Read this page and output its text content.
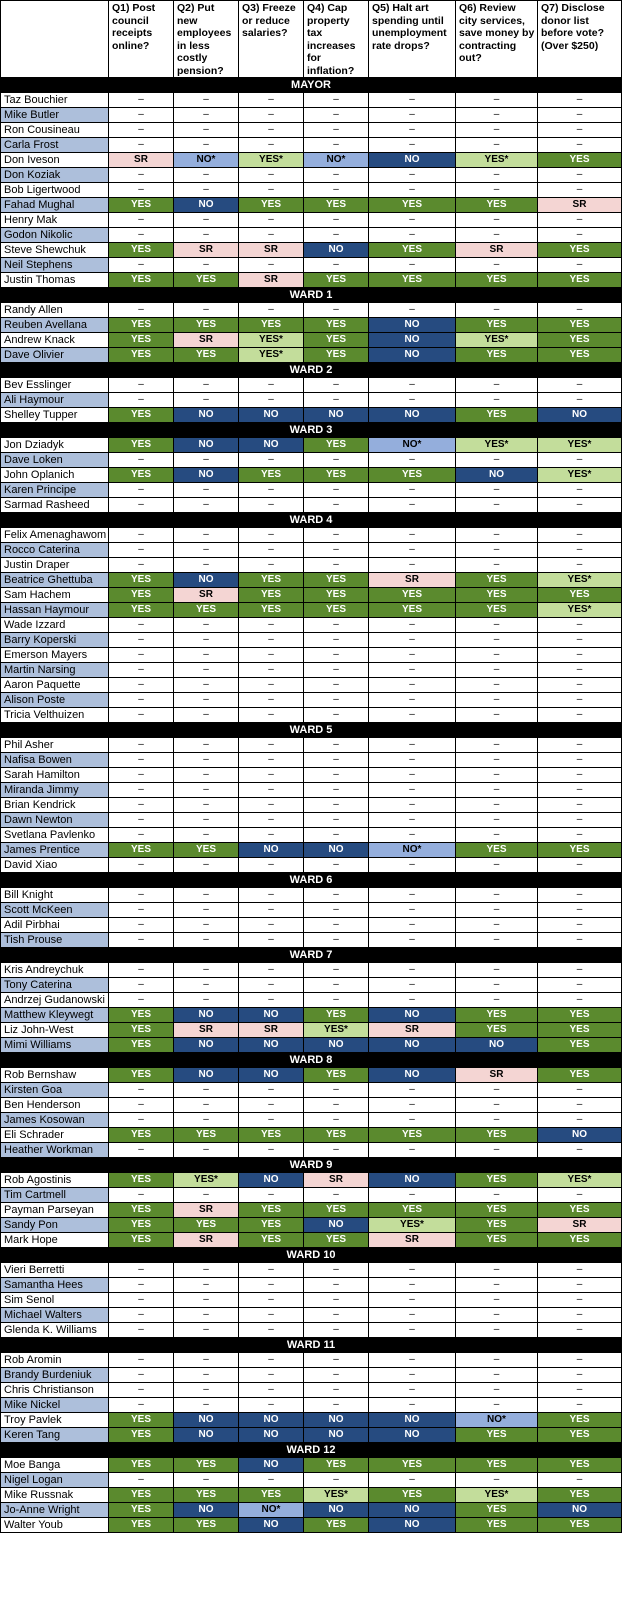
	Q1) Post council receipts online?	Q2) Put new employees in less costly pension?	Q3) Freeze or reduce salaries?	Q4) Cap property tax increases for inflation?	Q5) Halt art spending until unemployment rate drops?	Q6) Review city services, save money by contracting out?	Q7) Disclose donor list before vote? (Over $250)
MAYOR							
Taz Bouchier	–	–	–	–	–	–	–
Mike Butler	–	–	–	–	–	–	–
Ron Cousineau	–	–	–	–	–	–	–
Carla Frost	–	–	–	–	–	–	–
Don Iveson	SR	NO*	YES*	NO*	NO	YES*	YES
Don Koziak	–	–	–	–	–	–	–
Bob Ligertwood	–	–	–	–	–	–	–
Fahad Mughal	YES	NO	YES	YES	YES	YES	SR
Henry Mak	–	–	–	–	–	–	–
Godon Nikolic	–	–	–	–	–	–	–
Steve Shewchuk	YES	SR	SR	NO	YES	SR	YES
Neil Stephens	–	–	–	–	–	–	–
Justin Thomas	YES	YES	SR	YES	YES	YES	YES
WARD 1							
Randy Allen	–	–	–	–	–	–	–
Reuben Avellana	YES	YES	YES	YES	NO	YES	YES
Andrew Knack	YES	SR	YES*	YES	NO	YES*	YES
Dave Olivier	YES	YES	YES*	YES	NO	YES	YES
WARD 2							
Bev Esslinger	–	–	–	–	–	–	–
Ali Haymour	–	–	–	–	–	–	–
Shelley Tupper	YES	NO	NO	NO	NO	YES	NO
WARD 3							
Jon Dziadyk	YES	NO	NO	YES	NO*	YES*	YES*
Dave Loken	–	–	–	–	–	–	–
John Oplanich	YES	NO	YES	YES	YES	NO	YES*
Karen Principe	–	–	–	–	–	–	–
Sarmad Rasheed	–	–	–	–	–	–	–
WARD 4							
Felix Amenaghawom	–	–	–	–	–	–	–
Rocco Caterina	–	–	–	–	–	–	–
Justin Draper	–	–	–	–	–	–	–
Beatrice Ghettuba	YES	NO	YES	YES	SR	YES	YES*
Sam Hachem	YES	SR	YES	YES	YES	YES	YES
Hassan Haymour	YES	YES	YES	YES	YES	YES	YES*
Wade Izzard	–	–	–	–	–	–	–
Barry Koperski	–	–	–	–	–	–	–
Emerson Mayers	–	–	–	–	–	–	–
Martin Narsing	–	–	–	–	–	–	–
Aaron Paquette	–	–	–	–	–	–	–
Alison Poste	–	–	–	–	–	–	–
Tricia Velthuizen	–	–	–	–	–	–	–
WARD 5							
Phil Asher	–	–	–	–	–	–	–
Nafisa Bowen	–	–	–	–	–	–	–
Sarah Hamilton	–	–	–	–	–	–	–
Miranda Jimmy	–	–	–	–	–	–	–
Brian Kendrick	–	–	–	–	–	–	–
Dawn Newton	–	–	–	–	–	–	–
Svetlana Pavlenko	–	–	–	–	–	–	–
James Prentice	YES	YES	NO	NO	NO*	YES	YES
David Xiao	–	–	–	–	–	–	–
WARD 6							
Bill Knight	–	–	–	–	–	–	–
Scott McKeen	–	–	–	–	–	–	–
Adil Pirbhai	–	–	–	–	–	–	–
Tish Prouse	–	–	–	–	–	–	–
WARD 7							
Kris Andreychuk	–	–	–	–	–	–	–
Tony Caterina	–	–	–	–	–	–	–
Andrzej Gudanowski	–	–	–	–	–	–	–
Matthew Kleywegt	YES	NO	NO	YES	NO	YES	YES
Liz John-West	YES	SR	SR	YES*	SR	YES	YES
Mimi Williams	YES	NO	NO	NO	NO	NO	YES
WARD 8							
Rob Bernshaw	YES	NO	NO	YES	NO	SR	YES
Kirsten Goa	–	–	–	–	–	–	–
Ben Henderson	–	–	–	–	–	–	–
James Kosowan	–	–	–	–	–	–	–
Eli Schrader	YES	YES	YES	YES	YES	YES	NO
Heather Workman	–	–	–	–	–	–	–
WARD 9							
Rob Agostinis	YES	YES*	NO	SR	NO	YES	YES*
Tim Cartmell	–	–	–	–	–	–	–
Payman Parseyan	YES	SR	YES	YES	YES	YES	YES
Sandy Pon	YES	YES	YES	NO	YES*	YES	SR
Mark Hope	YES	SR	YES	YES	SR	YES	YES
WARD 10							
Vieri Berretti	–	–	–	–	–	–	–
Samantha Hees	–	–	–	–	–	–	–
Sim Senol	–	–	–	–	–	–	–
Michael Walters	–	–	–	–	–	–	–
Glenda K. Williams	–	–	–	–	–	–	–
WARD 11							
Rob Aromin	–	–	–	–	–	–	–
Brandy Burdeniuk	–	–	–	–	–	–	–
Chris Christianson	–	–	–	–	–	–	–
Mike Nickel	–	–	–	–	–	–	–
Troy Pavlek	YES	NO	NO	NO	NO	NO*	YES
Keren Tang	YES	NO	NO	NO	NO	YES	YES
WARD 12							
Moe Banga	YES	YES	NO	YES	YES	YES	YES
Nigel Logan	–	–	–	–	–	–	–
Mike Russnak	YES	YES	YES	YES*	YES	YES*	YES
Jo-Anne Wright	YES	NO	NO*	NO	NO	YES	NO
Walter Youb	YES	YES	NO	YES	NO	YES	YES
